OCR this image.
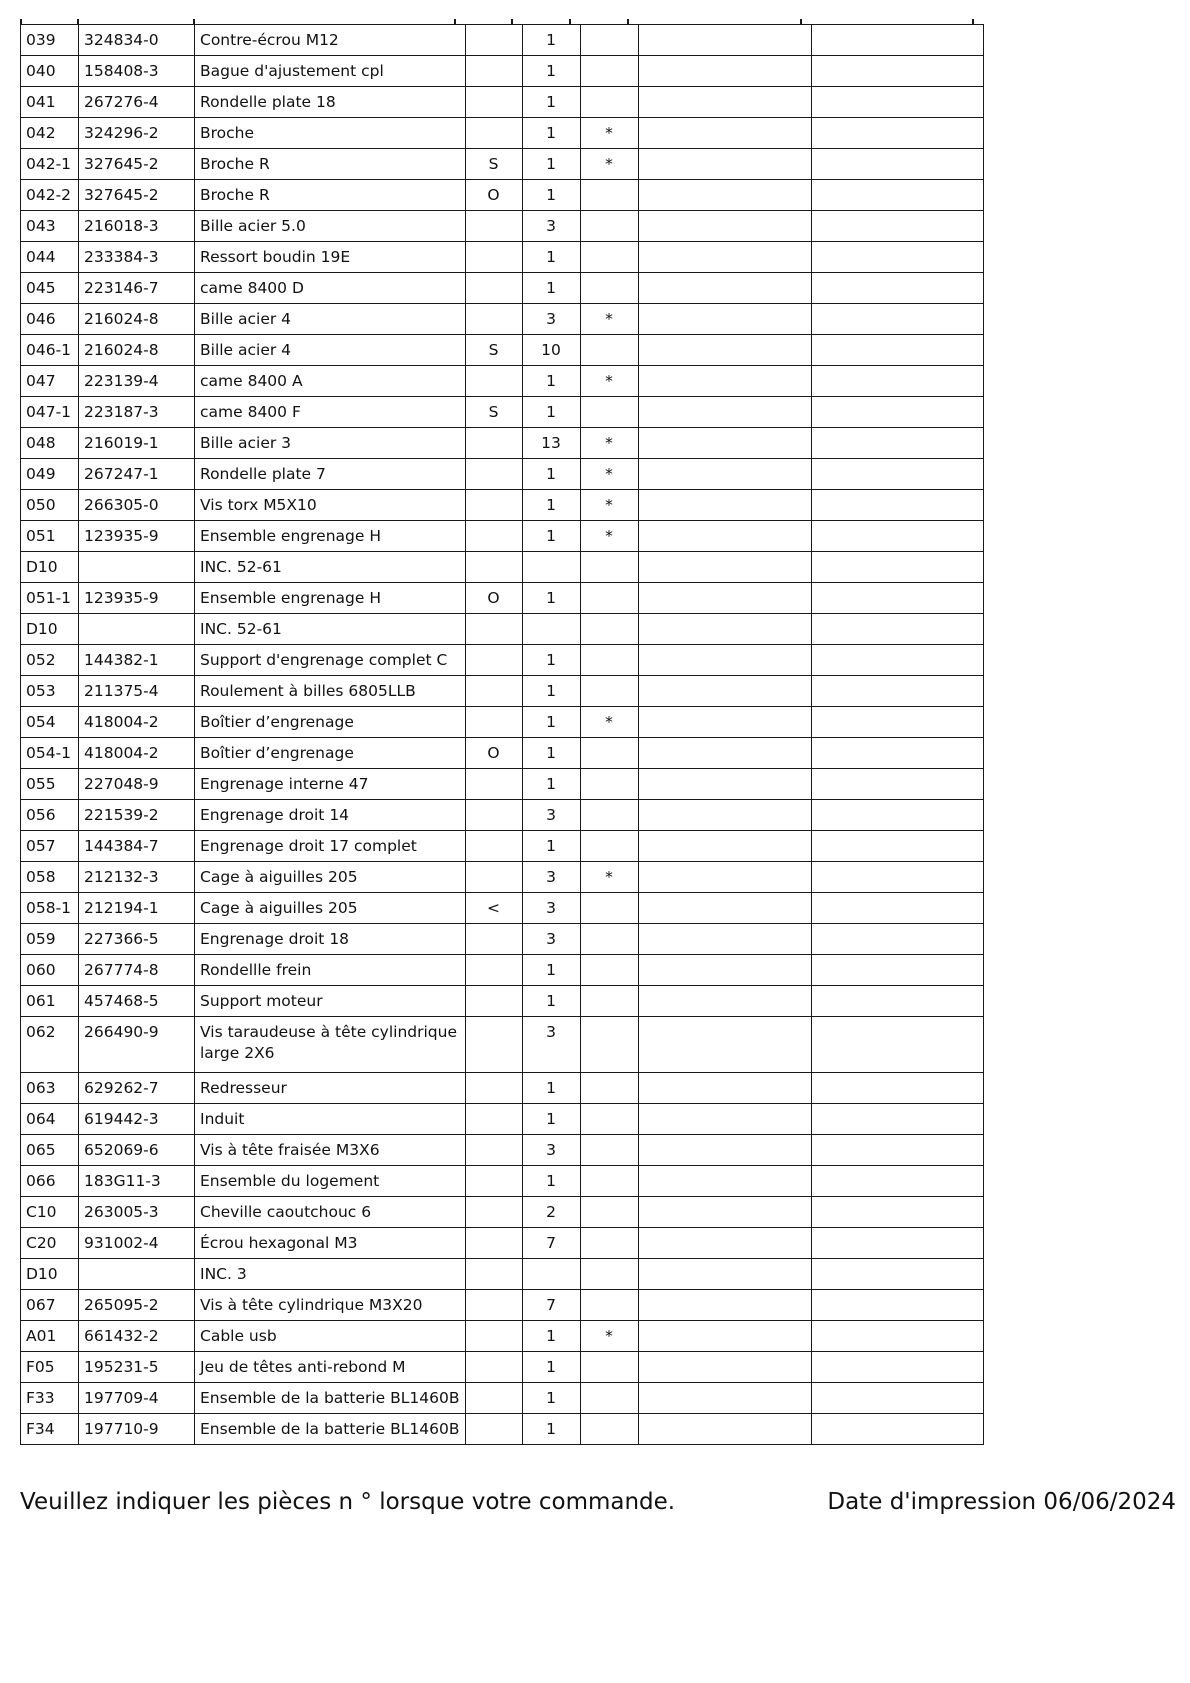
039	324834-0	Contre-écrou M12		1			
040	158408-3	Bague d'ajustement cpl		1			
041	267276-4	Rondelle plate 18		1			
042	324296-2	Broche		1	*		
042-1	327645-2	Broche R	S	1	*		
042-2	327645-2	Broche R	O	1			
043	216018-3	Bille acier 5.0		3			
044	233384-3	Ressort boudin 19E		1			
045	223146-7	came 8400 D		1			
046	216024-8	Bille acier 4		3	*		
046-1	216024-8	Bille acier 4	S	10			
047	223139-4	came 8400 A		1	*		
047-1	223187-3	came 8400 F	S	1			
048	216019-1	Bille acier 3		13	*		
049	267247-1	Rondelle plate 7		1	*		
050	266305-0	Vis torx M5X10		1	*		
051	123935-9	Ensemble engrenage H		1	*		
D10		INC. 52-61					
051-1	123935-9	Ensemble engrenage H	O	1			
D10		INC. 52-61					
052	144382-1	Support d'engrenage complet C		1			
053	211375-4	Roulement à billes 6805LLB		1			
054	418004-2	Boîtier d’engrenage		1	*		
054-1	418004-2	Boîtier d’engrenage	O	1			
055	227048-9	Engrenage interne 47		1			
056	221539-2	Engrenage droit 14		3			
057	144384-7	Engrenage droit 17 complet		1			
058	212132-3	Cage à aiguilles 205		3	*		
058-1	212194-1	Cage à aiguilles 205	<	3			
059	227366-5	Engrenage droit 18		3			
060	267774-8	Rondellle frein		1			
061	457468-5	Support moteur		1			
062	266490-9	Vis taraudeuse à tête cylindrique large 2X6		3			
063	629262-7	Redresseur		1			
064	619442-3	Induit		1			
065	652069-6	Vis à tête fraisée M3X6		3			
066	183G11-3	Ensemble du logement		1			
C10	263005-3	Cheville caoutchouc 6		2			
C20	931002-4	Écrou hexagonal M3		7			
D10		INC. 3					
067	265095-2	Vis à tête cylindrique M3X20		7			
A01	661432-2	Cable usb		1	*		
F05	195231-5	Jeu de têtes anti-rebond M		1			
F33	197709-4	Ensemble de la batterie BL1460B		1			
F34	197710-9	Ensemble de la batterie BL1460B		1			
Veuillez indiquer les pièces n ° lorsque votre commande.	Date d'impression 06/06/2024
